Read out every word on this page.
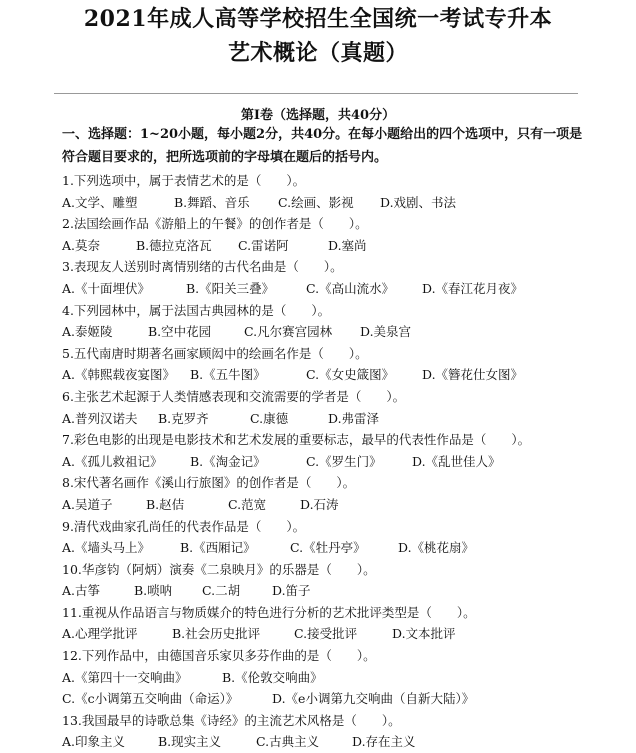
2021年成人高等学校招生全国统一考试专升本
艺术概论（真题）
第Ⅰ卷（选择题，共40分）
一、选择题：1~20小题，每小题2分，共40分。在每小题给出的四个选项中，只有一项是
符合题目要求的，把所选项前的字母填在题后的括号内。
1.下列选项中，属于表情艺术的是（　　）。
A.文学、雕塑	B.舞蹈、音乐 C.绘画、影视 D.戏剧、书法
2.法国绘画作品《游船上的午餐》的创作者是（　　）。
A.莫奈	B.德拉克洛瓦 C.雷诺阿	D.塞尚
3.表现友人送别时离情别绪的古代名曲是（　　）。
A.《十面埋伏》	B.《阳关三叠》	C.《高山流水》 D.《春江花月夜》
4.下列园林中，属于法国古典园林的是（　　）。
A.泰姬陵	B.空中花园	C.凡尔赛宫园林 D.美泉宫
5.五代南唐时期著名画家顾闳中的绘画名作是（　　）。
A.《韩熙载夜宴图》 B.《五牛图》	C.《女史箴图》 D.《簪花仕女图》
6.主张艺术起源于人类情感表现和交流需要的学者是（　　）。
A.普列汉诺夫 B.克罗齐	C.康德	D.弗雷泽
7.彩色电影的出现是电影技术和艺术发展的重要标志，最早的代表性作品是（　　）。
A.《孤儿救祖记》 B.《淘金记》	C.《罗生门》 D.《乱世佳人》
8.宋代著名画作《溪山行旅图》的创作者是（　　）。
A.吴道子	B.赵佶	C.范宽	D.石涛
9.清代戏曲家孔尚任的代表作品是（　　）。
A.《墙头马上》 B.《西厢记》	C.《牡丹亭》	D.《桃花扇》
10.华彦钧（阿炳）演奏《二泉映月》的乐器是（　　）。
A.古筝	B.唢呐 C.二胡	D.笛子
11.重视从作品语言与物质媒介的特色进行分析的艺术批评类型是（　　）。
A.心理学批评	B.社会历史批评	C.接受批评	D.文本批评
12.下列作品中，由德国音乐家贝多芬作曲的是（　　）。
A.《第四十一交响曲》	B.《伦敦交响曲》
C.《c小调第五交响曲（命运）》	D.《e小调第九交响曲（自新大陆）》
13.我国最早的诗歌总集《诗经》的主流艺术风格是（　　）。
A.印象主义	B.现实主义	C.古典主义	D.存在主义
